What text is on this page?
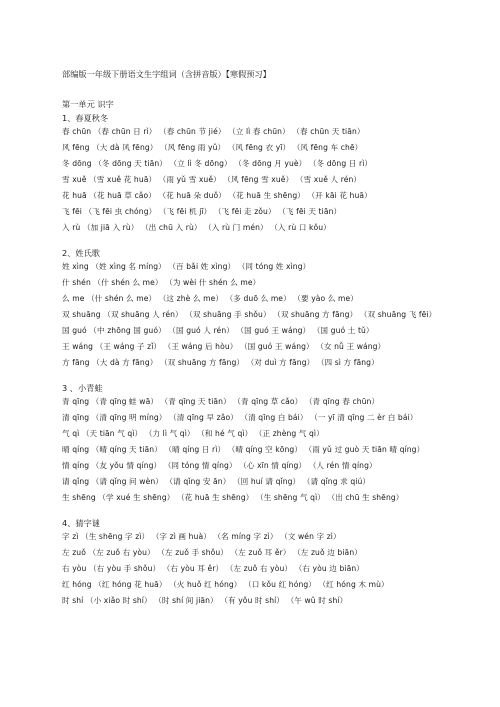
部编版一年级下册语文生字组词（含拼音版）【寒假预习】
第一单元 识字
1、春夏秋冬
春 chūn （春 chūn 日 rì） （春 chūn 节 jié） （立 lì 春 chūn） （春 chūn 天 tiān）
风 fēng （大 dà 风 fēng） （风 fēng 雨 yǔ） （风 fēng 衣 yī） （风 fēng 车 chē）
冬 dōng （冬 dōng 天 tiān） （立 lì 冬 dōng） （冬 dōng 月 yuè） （冬 dōng 日 rì）
雪 xuě （雪 xuě 花 huā） （雨 yǔ 雪 xuě） （风 fēng 雪 xuě） （雪 xuě 人 rén）
花 huā （花 huā 草 cǎo） （花 huā 朵 duǒ） （花 huā 生 shēng） （开 kāi 花 huā）
飞 fēi （飞 fēi 虫 chóng） （飞 fēi 机 jī） （飞 fēi 走 zǒu） （飞 fēi 天 tiān）
入 rù （加 jiā 入 rù） （出 chū 入 rù） （入 rù 门 mén） （入 rù 口 kǒu）
2、姓氏歌
姓 xìng （姓 xìng 名 míng） （百 bǎi 姓 xìng） （同 tóng 姓 xìng）
什 shén （什 shén 么 me） （为 wèi 什 shén 么 me）
么 me （什 shén 么 me） （这 zhè 么 me） （多 duō 么 me） （要 yào 么 me）
双 shuāng （双 shuāng 人 rén） （双 shuāng 手 shǒu） （双 shuāng 方 fāng） （双 shuāng 飞 fēi）
国 guó （中 zhōng 国 guó） （国 guó 人 rén） （国 guó 王 wáng） （国 guó 土 tǔ）
王 wáng （王 wáng 子 zǐ） （王 wáng 后 hòu） （国 guó 王 wáng） （女 nǚ 王 wáng）
方 fāng （大 dà 方 fāng） （双 shuāng 方 fāng） （对 duì 方 fāng） （四 sì 方 fāng）
3 、小青蛙
青 qīng （青 qīng 蛙 wā） （青 qīng 天 tiān） （青 qīng 草 cǎo） （青 qīng 春 chūn）
清 qīng （清 qīng 明 míng） （清 qīng 早 zǎo） （清 qīng 白 bái） （一 yī 清 qīng 二 èr 白 bái）
气 qì （天 tiān 气 qì） （力 lì 气 qì） （和 hé 气 qì） （正 zhèng 气 qì）
晴 qíng （晴 qíng 天 tiān） （晴 qíng 日 rì） （晴 qíng 空 kōng） （雨 yǔ 过 guò 天 tiān 晴 qíng）
情 qíng （友 yǒu 情 qíng） （同 tóng 情 qíng） （心 xīn 情 qíng） （人 rén 情 qíng）
请 qǐng （请 qǐng 问 wèn） （请 qǐng 安 ān） （回 huí 请 qǐng） （请 qǐng 求 qiú）
生 shēng （学 xué 生 shēng） （花 huā 生 shēng） （生 shēng 气 qì） （出 chū 生 shēng）
4、猜字谜
字 zì （生 shēng 字 zì） （字 zì 画 huà） （名 míng 字 zì） （文 wén 字 zì）
左 zuǒ （左 zuǒ 右 yòu） （左 zuǒ 手 shǒu） （左 zuǒ 耳 ěr） （左 zuǒ 边 biān）
右 yòu （右 yòu 手 shǒu） （右 yòu 耳 ěr） （左 zuǒ 右 yòu） （右 yòu 边 biān）
红 hóng （红 hóng 花 huā） （火 huǒ 红 hóng） （口 kǒu 红 hóng） （红 hóng 木 mù）
时 shí （小 xiǎo 时 shí） （时 shí 间 jiān） （有 yǒu 时 shí） （午 wǔ 时 shí）
